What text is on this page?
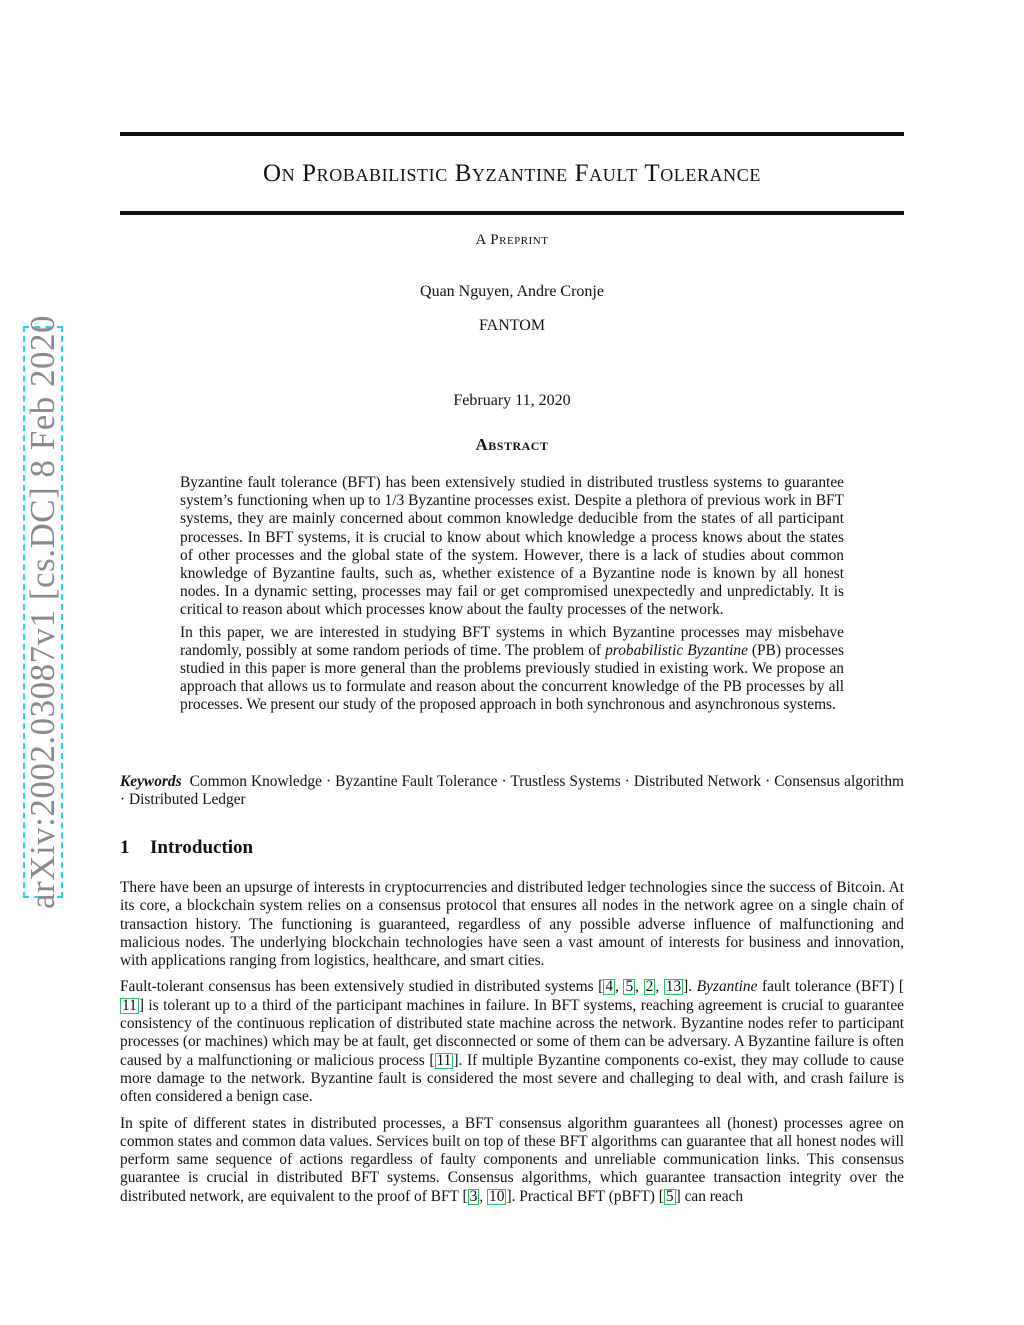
arXiv:2002.03087v1 [cs.DC] 8 Feb 2020
On Probabilistic Byzantine Fault Tolerance
A Preprint
Quan Nguyen, Andre Cronje
FANTOM
February 11, 2020
Abstract

Byzantine fault tolerance (BFT) has been extensively studied in distributed trustless systems to guarantee system’s functioning when up to 1/3 Byzantine processes exist. Despite a plethora of previous work in BFT systems, they are mainly concerned about common knowledge deducible from the states of all participant processes. In BFT systems, it is crucial to know about which knowledge a process knows about the states of other processes and the global state of the system. However, there is a lack of studies about common knowledge of Byzantine faults, such as, whether existence of a Byzantine node is known by all honest nodes. In a dynamic setting, processes may fail or get compromised unexpectedly and unpredictably. It is critical to reason about which processes know about the faulty processes of the network.

In this paper, we are interested in studying BFT systems in which Byzantine processes may misbehave randomly, possibly at some random periods of time. The problem of probabilistic Byzantine (PB) processes studied in this paper is more general than the problems previously studied in existing work. We propose an approach that allows us to formulate and reason about the concurrent knowledge of the PB processes by all processes. We present our study of the proposed approach in both synchronous and asynchronous systems.

Keywords Common Knowledge · Byzantine Fault Tolerance · Trustless Systems · Distributed Network · Consensus algorithm · Distributed Ledger
1 Introduction

There have been an upsurge of interests in cryptocurrencies and distributed ledger technologies since the success of Bitcoin. At its core, a blockchain system relies on a consensus protocol that ensures all nodes in the network agree on a single chain of transaction history. The functioning is guaranteed, regardless of any possible adverse influence of malfunctioning and malicious nodes. The underlying blockchain technologies have seen a vast amount of interests for business and innovation, with applications ranging from logistics, healthcare, and smart cities.

Fault-tolerant consensus has been extensively studied in distributed systems [ 4 , 5 , 2 , 13 ]. Byzantine fault tolerance (BFT) [11 ] is tolerant up to a third of the participant machines in failure. In BFT systems, reaching agreement is crucial to guarantee consistency of the continuous replication of distributed state machine across the network. Byzantine nodes refer to participant processes (or machines) which may be at fault, get disconnected or some of them can be adversary. A Byzantine failure is often caused by a malfunctioning or malicious process [ 11 ]. If multiple Byzantine components co-exist, they may collude to cause more damage to the network. Byzantine fault is considered the most severe and challeging to deal with, and crash failure is often considered a benign case.

In spite of different states in distributed processes, a BFT consensus algorithm guarantees all (honest) processes agree on common states and common data values. Services built on top of these BFT algorithms can guarantee that all honest nodes will perform same sequence of actions regardless of faulty components and unreliable communication links. This consensus guarantee is crucial in distributed BFT systems. Consensus algorithms, which guarantee transaction integrity over the distributed network, are equivalent to the proof of BFT [ 3 , 10 ]. Practical BFT (pBFT) [ 5 ] can reach
